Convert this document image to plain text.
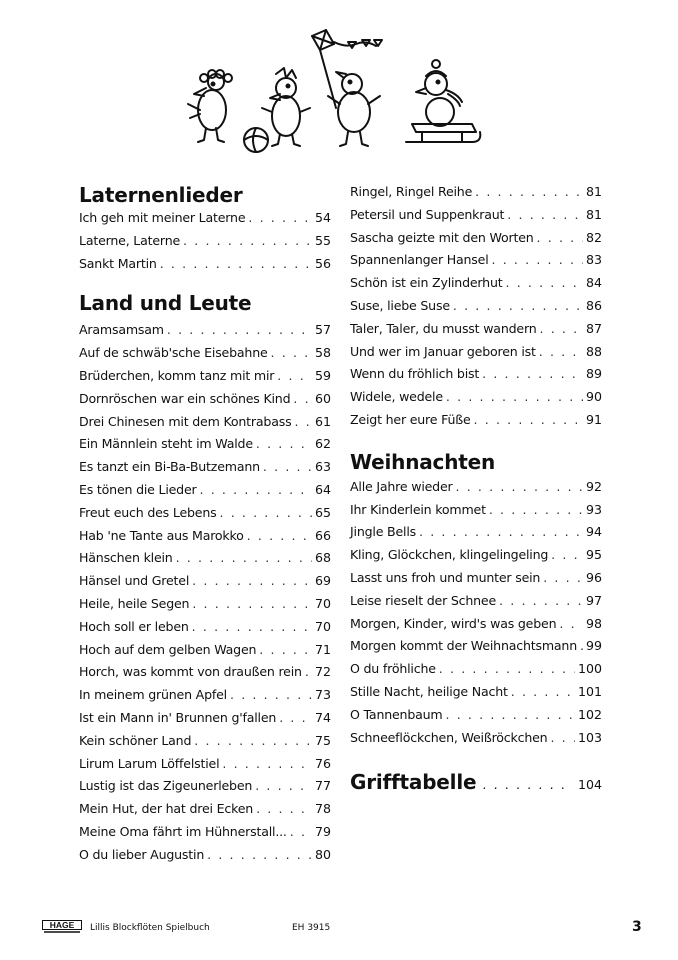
Laternenlieder
Ich geh mit meiner Laterne . . .	54
Laterne, Laterne . . .	55
Sankt Martin . . .	56
Land und Leute
Aramsamsam . . .	57
Auf de schwäb'sche Eisebahne . . .	58
Brüderchen, komm tanz mit mir . . .	59
Dornröschen war ein schönes Kind . . . 60
Drei Chinesen mit dem Kontrabass . . . 61
Ein Männlein steht im Walde . . .	62
Es tanzt ein Bi-Ba-Butzemann . . .	63
Es tönen die Lieder . . .	64
Freut euch des Lebens . . .	65
Hab 'ne Tante aus Marokko . . .	66
Hänschen klein . . .	68
Hänsel und Gretel . . .	69
Heile, heile Segen . . .	70
Hoch soll er leben . . .	70
Hoch auf dem gelben Wagen . . .	71
Horch, was kommt von draußen rein . . . 72
In meinem grünen Apfel . . .	73
Ist ein Mann in' Brunnen g'fallen . . .	74
Kein schöner Land . . .	75
Lirum Larum Löffelstiel . . .	76
Lustig ist das Zigeunerleben . . .	77
Mein Hut, der hat drei Ecken . . .	78
Meine Oma fährt im Hühnerstall... . . . 79
O du lieber Augustin . . .	80
Ringel, Ringel Reihe . . .	81
Petersil und Suppenkraut . . .	81
Sascha geizte mit den Worten . . .	82
Spannenlanger Hansel . . .	83
Schön ist ein Zylinderhut . . .	84
Suse, liebe Suse . . .	86
Taler, Taler, du musst wandern . . .	87
Und wer im Januar geboren ist . . .	88
Wenn du fröhlich bist . . .	89
Widele, wedele . . .	90
Zeigt her eure Füße . . .	91
Weihnachten
Alle Jahre wieder . . .	92
Ihr Kinderlein kommet . . .	93
Jingle Bells . . .	94
Kling, Glöckchen, klingelingeling . . .	95
Lasst uns froh und munter sein . . .	96
Leise rieselt der Schnee . . .	97
Morgen, Kinder, wird's was geben . . . 98
Morgen kommt der Weihnachtsmann . . . 99
O du fröhliche . . .	100
Stille Nacht, heilige Nacht . . .	101
O Tannenbaum . . .	102
Schneeflöckchen, Weißröckchen . . . 103
Grifftabelle . . .	104
HAGE Lillis Blockflöten Spielbuch	EH 3915	3
